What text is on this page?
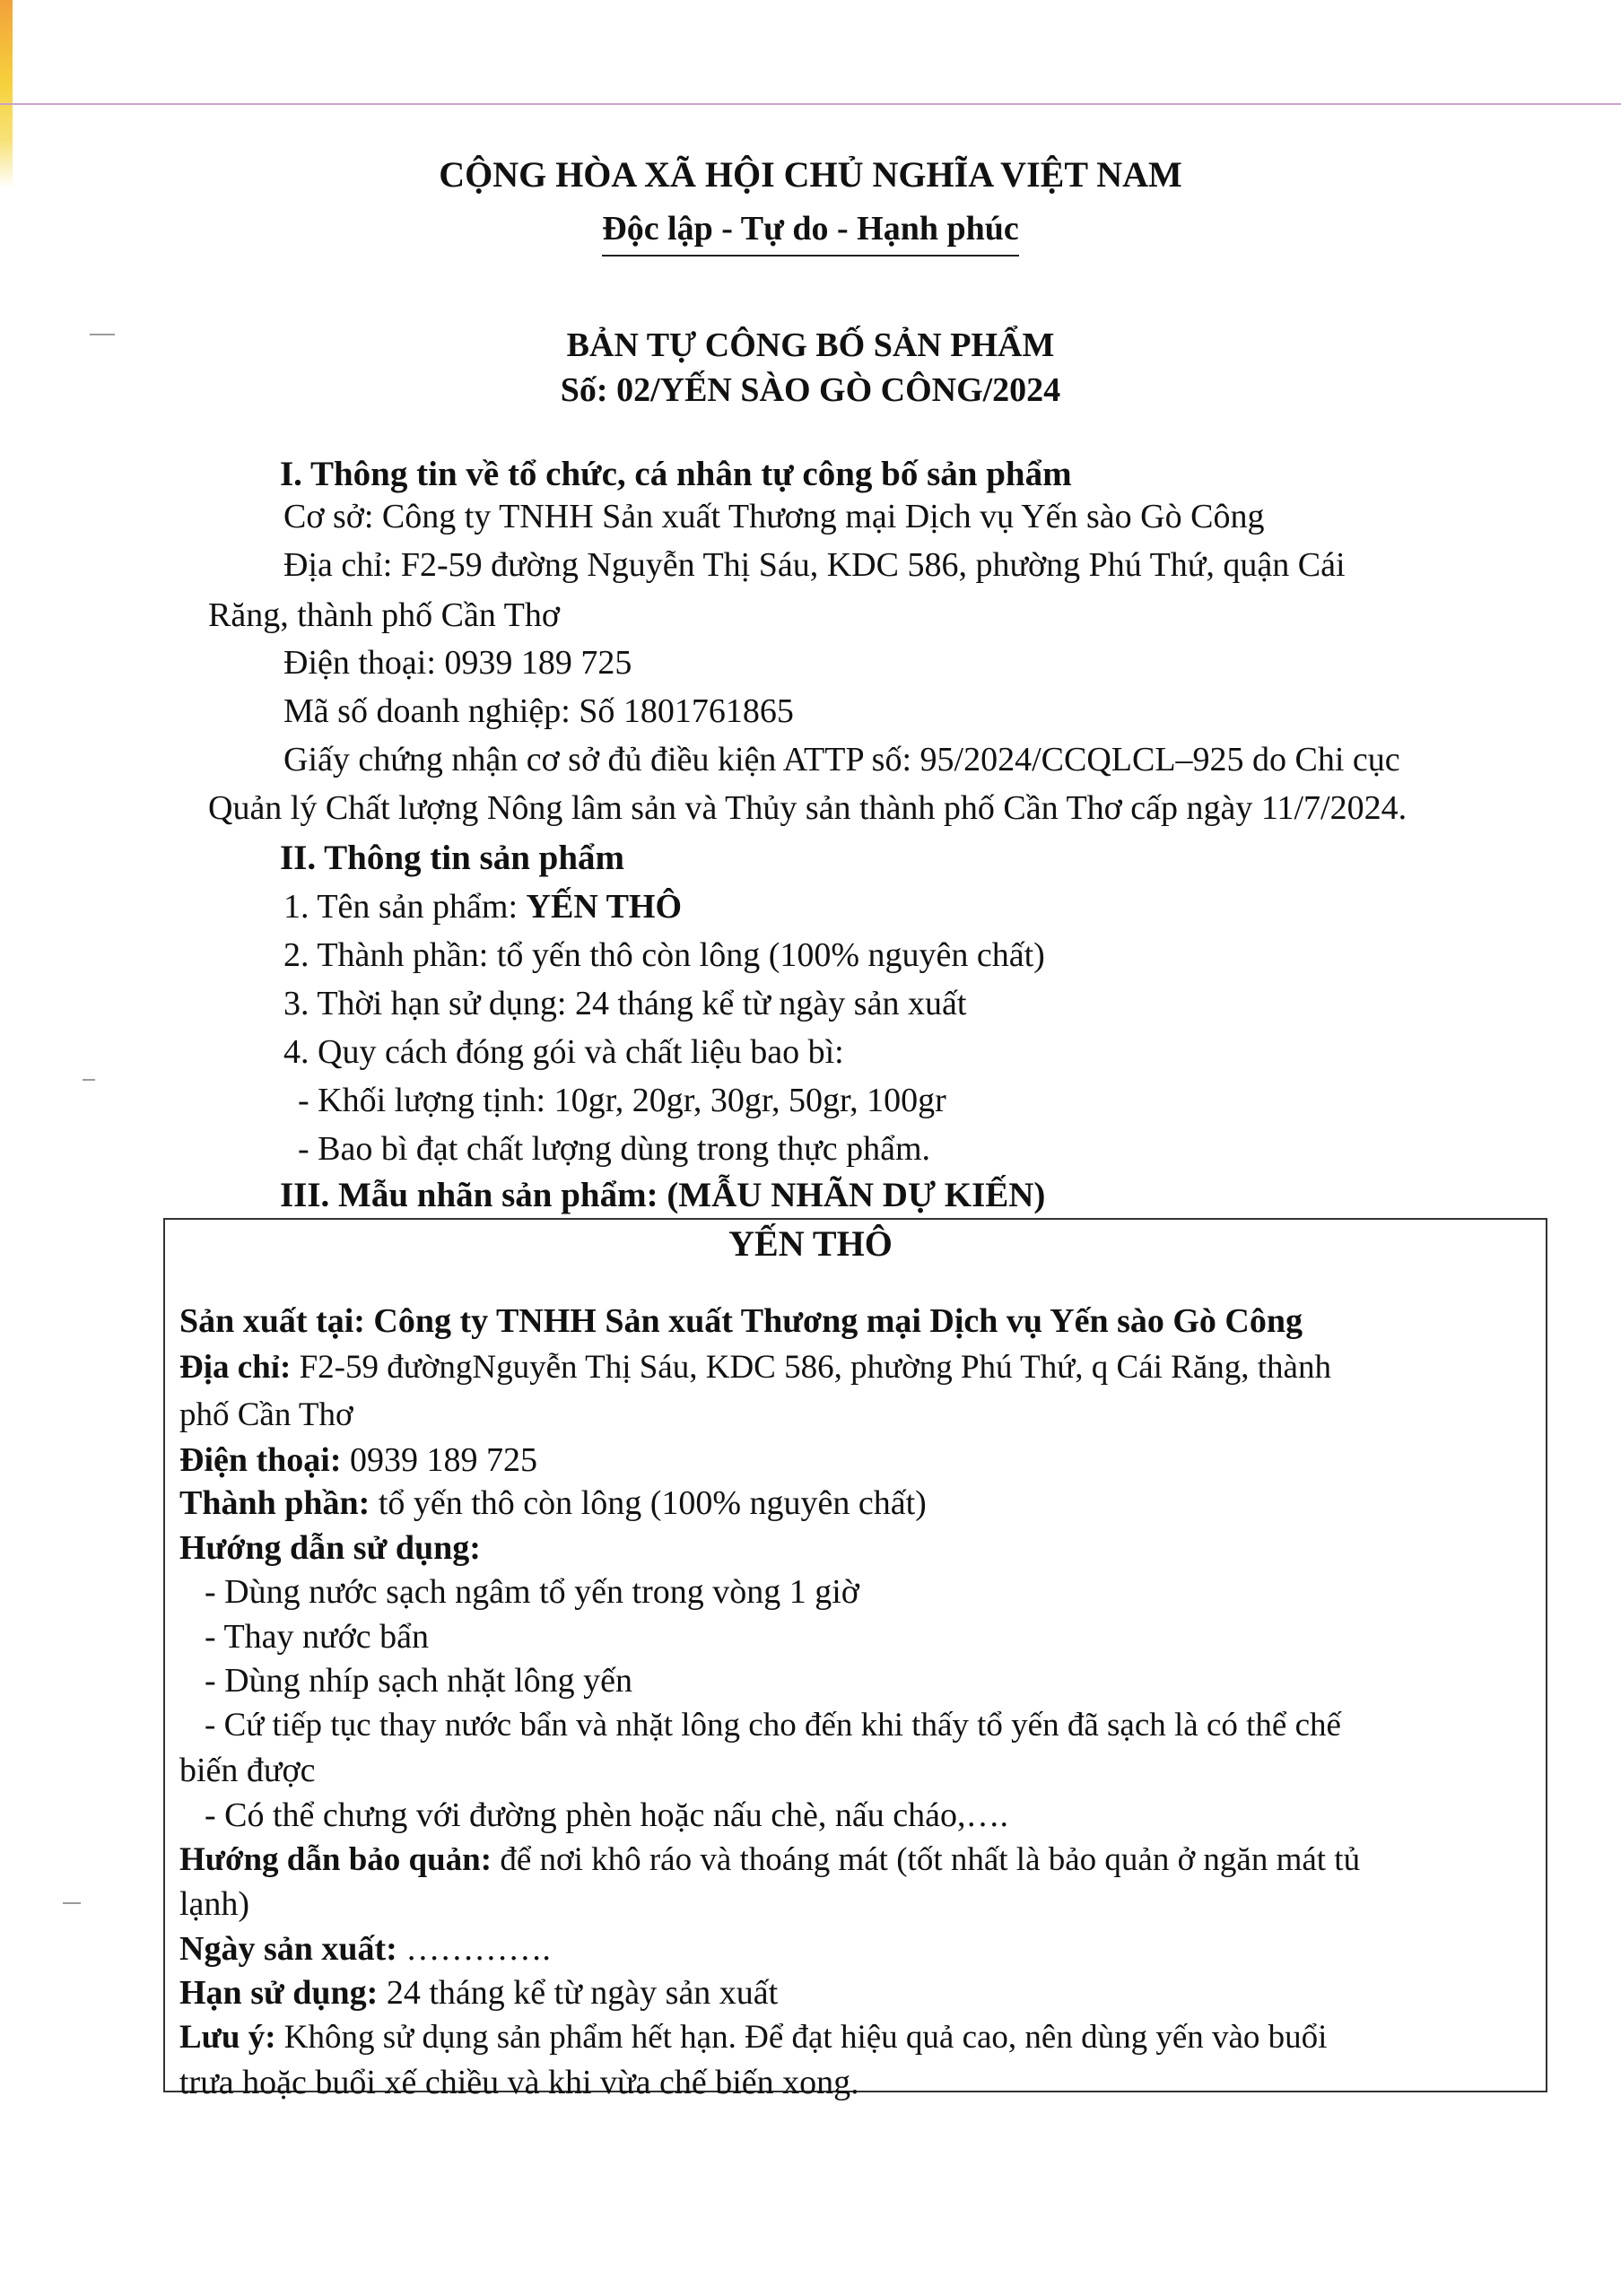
CỘNG HÒA XÃ HỘI CHỦ NGHĨA VIỆT NAM
Độc lập - Tự do - Hạnh phúc
BẢN TỰ CÔNG BỐ SẢN PHẨM
Số: 02/YẾN SÀO GÒ CÔNG/2024
I. Thông tin về tổ chức, cá nhân tự công bố sản phẩm
Cơ sở: Công ty TNHH Sản xuất Thương mại Dịch vụ Yến sào Gò Công
Địa chỉ: F2-59 đường Nguyễn Thị Sáu, KDC 586, phường Phú Thứ, quận Cái
Răng, thành phố Cần Thơ
Điện thoại: 0939 189 725
Mã số doanh nghiệp: Số 1801761865
Giấy chứng nhận cơ sở đủ điều kiện ATTP số: 95/2024/CCQLCL–925 do Chi cục
Quản lý Chất lượng Nông lâm sản và Thủy sản thành phố Cần Thơ cấp ngày 11/7/2024.
II. Thông tin sản phẩm
1. Tên sản phẩm: YẾN THÔ
2. Thành phần: tổ yến thô còn lông (100% nguyên chất)
3. Thời hạn sử dụng: 24 tháng kể từ ngày sản xuất
4. Quy cách đóng gói và chất liệu bao bì:
- Khối lượng tịnh: 10gr, 20gr, 30gr, 50gr, 100gr
- Bao bì đạt chất lượng dùng trong thực phẩm.
III. Mẫu nhãn sản phẩm: (MẪU NHÃN DỰ KIẾN)
YẾN THÔ
Sản xuất tại: Công ty TNHH Sản xuất Thương mại Dịch vụ Yến sào Gò Công
Địa chỉ: F2-59 đườngNguyễn Thị Sáu, KDC 586, phường Phú Thứ, q Cái Răng, thành
phố Cần Thơ
Điện thoại: 0939 189 725
Thành phần: tổ yến thô còn lông (100% nguyên chất)
Hướng dẫn sử dụng:
- Dùng nước sạch ngâm tổ yến trong vòng 1 giờ
- Thay nước bẩn
- Dùng nhíp sạch nhặt lông yến
- Cứ tiếp tục thay nước bẩn và nhặt lông cho đến khi thấy tổ yến đã sạch là có thể chế
biến được
- Có thể chưng với đường phèn hoặc nấu chè, nấu cháo,….
Hướng dẫn bảo quản: để nơi khô ráo và thoáng mát (tốt nhất là bảo quản ở ngăn mát tủ
lạnh)
Ngày sản xuất: ………….
Hạn sử dụng: 24 tháng kể từ ngày sản xuất
Lưu ý: Không sử dụng sản phẩm hết hạn. Để đạt hiệu quả cao, nên dùng yến vào buổi
trưa hoặc buổi xế chiều và khi vừa chế biến xong.
